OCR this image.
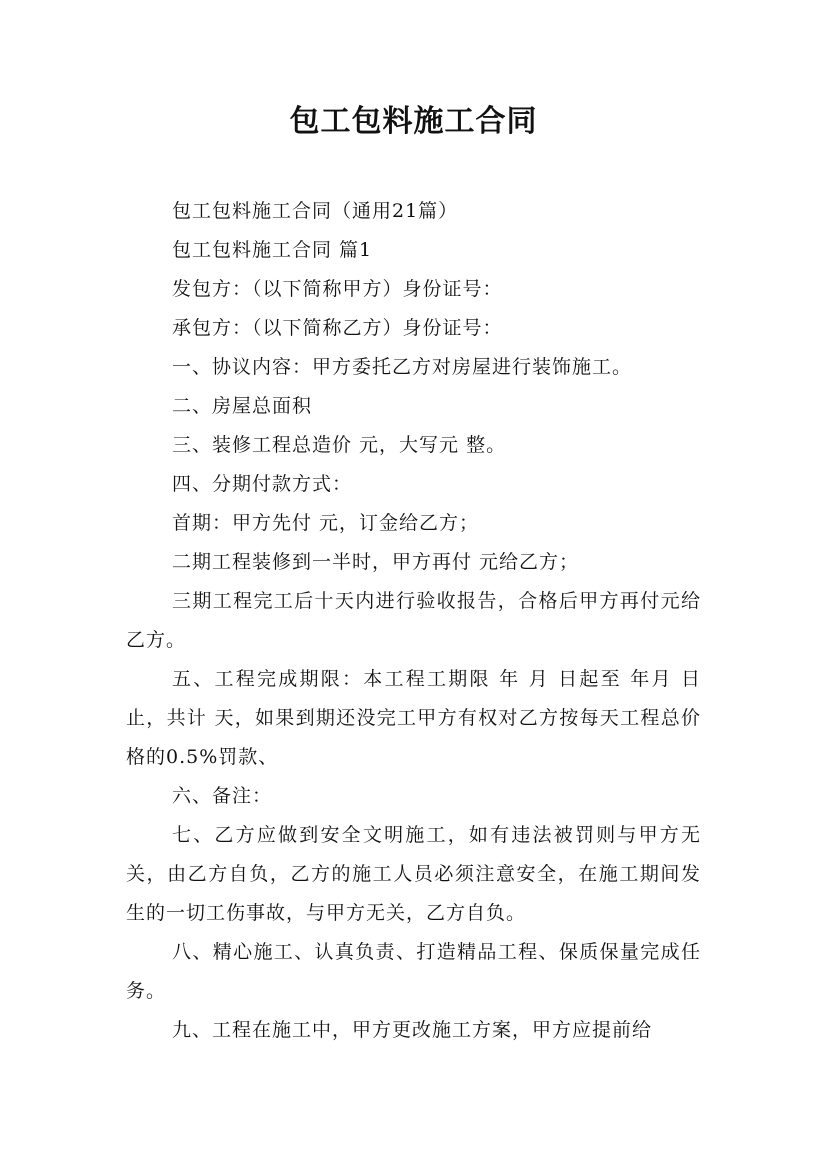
包工包料施工合同

包工包料施工合同（通用21篇）

包工包料施工合同 篇1

发包方：（以下简称甲方）身份证号：

承包方：（以下简称乙方）身份证号：

一、协议内容：甲方委托乙方对房屋进行装饰施工。

二、房屋总面积

三、装修工程总造价 元，大写元 整。

四、分期付款方式：

首期：甲方先付 元，订金给乙方；

二期工程装修到一半时，甲方再付 元给乙方；

三期工程完工后十天内进行验收报告，合格后甲方再付元给乙方。

五、工程完成期限：本工程工期限 年 月 日起至 年月 日止，共计 天，如果到期还没完工甲方有权对乙方按每天工程总价格的0.5%罚款、

六、备注：

七、乙方应做到安全文明施工，如有违法被罚则与甲方无关，由乙方自负，乙方的施工人员必须注意安全，在施工期间发生的一切工伤事故，与甲方无关，乙方自负。

八、精心施工、认真负责、打造精品工程、保质保量完成任务。

九、工程在施工中，甲方更改施工方案，甲方应提前给
